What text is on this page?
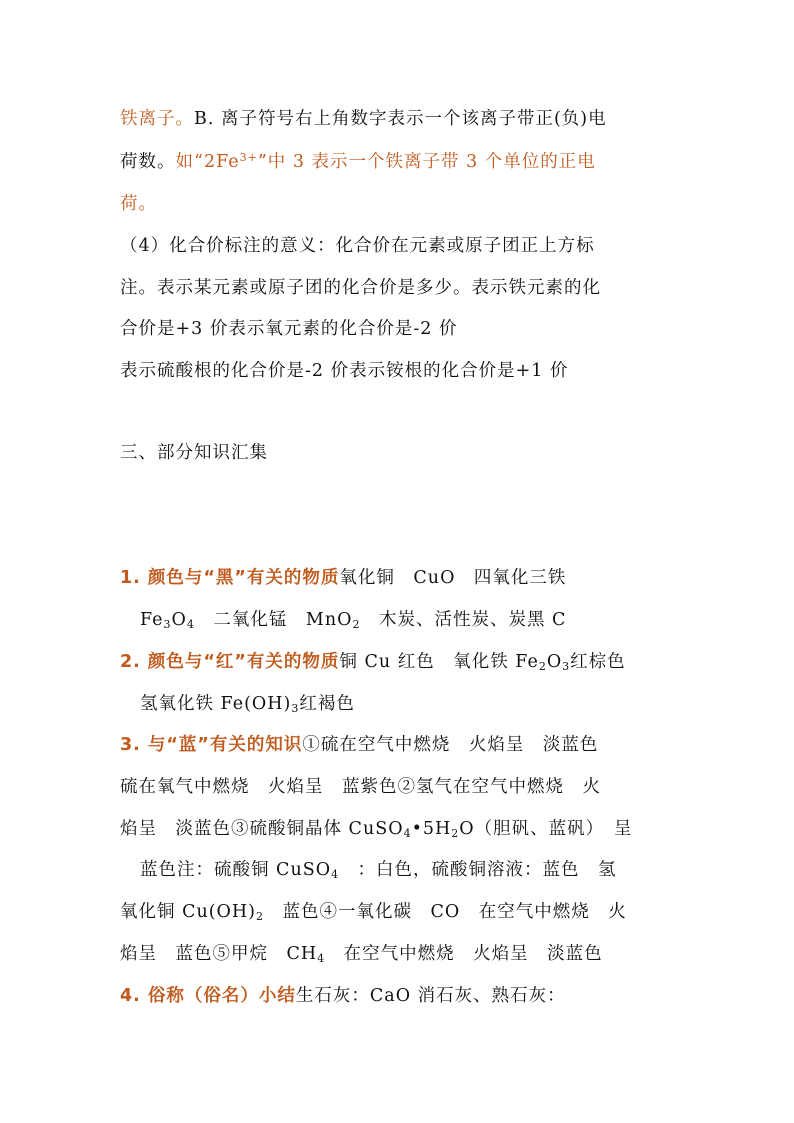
铁离子。B. 离子符号右上角数字表示一个该离子带正(负)电
荷数。如“$2Fe^{3+}$”中 3 表示一个铁离子带 3 个单位的正电
荷。
（4）化合价标注的意义：化合价在元素或原子团正上方标
注。表示某元素或原子团的化合价是多少。表示铁元素的化
合价是+3 价表示氧元素的化合价是-2 价
表示硫酸根的化合价是-2 价表示铵根的化合价是+1 价
三、部分知识汇集
1. 颜色与“黑”有关的物质氧化铜　CuO　四氧化三铁
$Fe_3O_4$　二氧化锰　MnO$_2$　木炭、活性炭、炭黑 C
2. 颜色与“红”有关的物质铜 Cu 红色　氧化铁 $Fe_2O_3$红棕色
氢氧化铁 $Fe(OH)_3$红褐色
3. 与“蓝”有关的知识①硫在空气中燃烧　火焰呈　淡蓝色
硫在氧气中燃烧　火焰呈　蓝紫色②氢气在空气中燃烧　火
焰呈　淡蓝色③硫酸铜晶体 $CuSO_4•5H_2O$（胆矾、蓝矾）　呈
蓝色注：硫酸铜 CuSO$_4$　：白色，硫酸铜溶液：蓝色　氢
氧化铜 $Cu(OH)_2$　蓝色④一氧化碳　CO　在空气中燃烧　火
焰呈　蓝色⑤甲烷　$CH_4$　在空气中燃烧　火焰呈　淡蓝色
4. 俗称（俗名）小结生石灰：CaO 消石灰、熟石灰：
